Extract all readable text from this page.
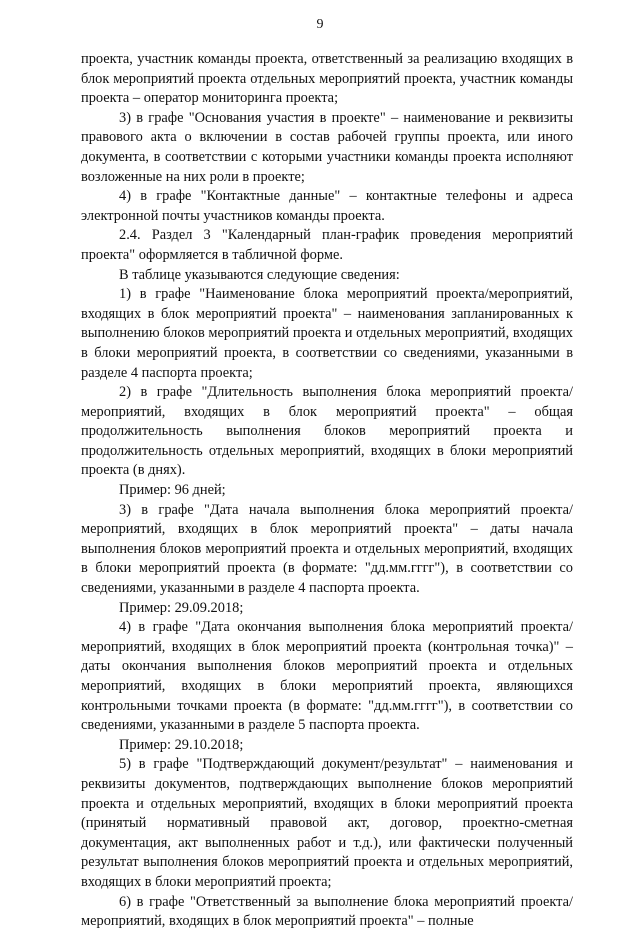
9

проекта, участник команды проекта, ответственный за реализацию входящих в блок мероприятий проекта отдельных мероприятий проекта, участник команды проекта – оператор мониторинга проекта;

3) в графе "Основания участия в проекте" – наименование и реквизиты правового акта о включении в состав рабочей группы проекта, или иного документа, в соответствии с которыми участники команды проекта исполняют возложенные на них роли в проекте;

4) в графе "Контактные данные" – контактные телефоны и адреса электронной почты участников команды проекта.

2.4. Раздел 3 "Календарный план-график проведения мероприятий проекта" оформляется в табличной форме.

В таблице указываются следующие сведения:

1) в графе "Наименование блока мероприятий проекта/мероприятий, входящих в блок мероприятий проекта" – наименования запланированных к выполнению блоков мероприятий проекта и отдельных мероприятий, входящих в блоки мероприятий проекта, в соответствии со сведениями, указанными в разделе 4 паспорта проекта;

2) в графе "Длительность выполнения блока мероприятий проекта/ мероприятий, входящих в блок мероприятий проекта" – общая продолжительность выполнения блоков мероприятий проекта и продолжительность отдельных мероприятий, входящих в блоки мероприятий проекта (в днях).

Пример: 96 дней;

3) в графе "Дата начала выполнения блока мероприятий проекта/ мероприятий, входящих в блок мероприятий проекта" – даты начала выполнения блоков мероприятий проекта и отдельных мероприятий, входящих в блоки мероприятий проекта (в формате: "дд.мм.гггг"), в соответствии со сведениями, указанными в разделе 4 паспорта проекта.

Пример: 29.09.2018;

4) в графе "Дата окончания выполнения блока мероприятий проекта/ мероприятий, входящих в блок мероприятий проекта (контрольная точка)" – даты окончания выполнения блоков мероприятий проекта и отдельных мероприятий, входящих в блоки мероприятий проекта, являющихся контрольными точками проекта (в формате: "дд.мм.гггг"), в соответствии со сведениями, указанными в разделе 5 паспорта проекта.

Пример: 29.10.2018;

5) в графе "Подтверждающий документ/результат" – наименования и реквизиты документов, подтверждающих выполнение блоков мероприятий проекта и отдельных мероприятий, входящих в блоки мероприятий проекта (принятый нормативный правовой акт, договор, проектно-сметная документация, акт выполненных работ и т.д.), или фактически полученный результат выполнения блоков мероприятий проекта и отдельных мероприятий, входящих в блоки мероприятий проекта;

6) в графе "Ответственный за выполнение блока мероприятий проекта/мероприятий, входящих в блок мероприятий проекта" – полные
